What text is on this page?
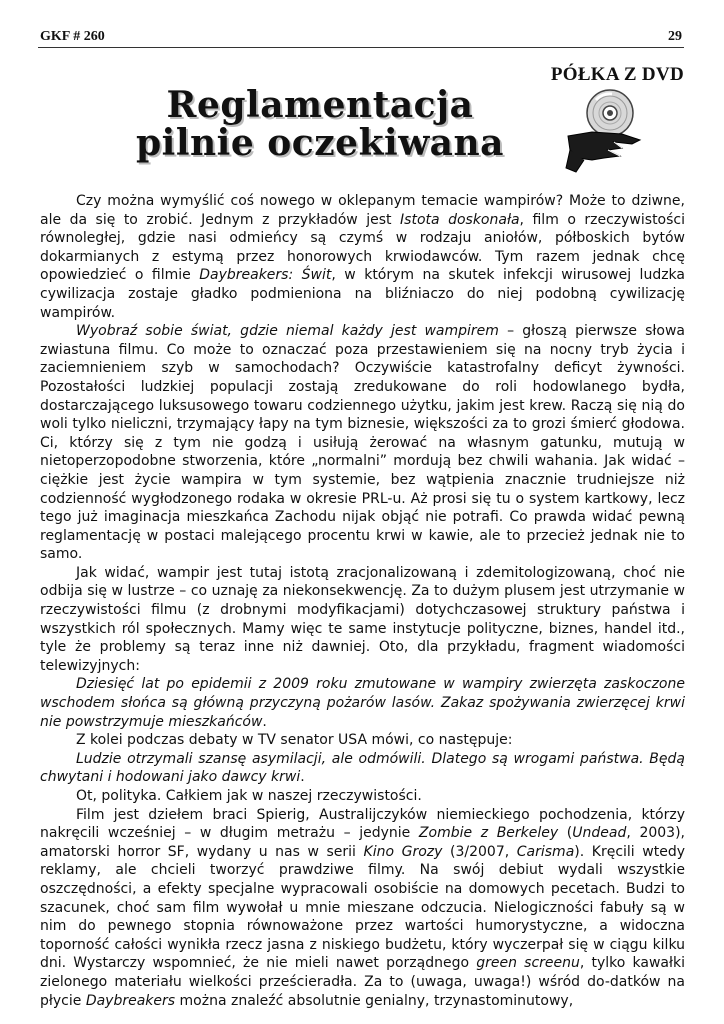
GKF # 260	29
PÓŁKA Z DVD
Reglamentacja
pilnie oczekiwana

Czy można wymyślić coś nowego w oklepanym temacie wampirów? Może to dziwne, ale da się to zrobić. Jednym z przykładów jest Istota doskonała, film o rzeczywistości równoległej, gdzie nasi odmieńcy są czymś w rodzaju aniołów, półboskich bytów dokarmianych z estymą przez honorowych krwiodawców. Tym razem jednak chcę opowiedzieć o filmie Daybreakers: Świt, w którym na skutek infekcji wirusowej ludzka cywilizacja zostaje gładko podmieniona na bliźniaczo do niej podobną cywilizację wampirów.

Wyobraź sobie świat, gdzie niemal każdy jest wampirem – głoszą pierwsze słowa zwiastuna filmu. Co może to oznaczać poza przestawieniem się na nocny tryb życia i zaciemnieniem szyb w samochodach? Oczywiście katastrofalny deficyt żywności. Pozostałości ludzkiej populacji zostają zredukowane do roli hodowlanego bydła, dostarczającego luksusowego towaru codziennego użytku, jakim jest krew. Raczą się nią do woli tylko nieliczni, trzymający łapy na tym biznesie, większości za to grozi śmierć głodowa. Ci, którzy się z tym nie godzą i usiłują żerować na własnym gatunku, mutują w nietoperzopodobne stworzenia, które „normalni” mordują bez chwili wahania. Jak widać – ciężkie jest życie wampira w tym systemie, bez wątpienia znacznie trudniejsze niż codzienność wygłodzonego rodaka w okresie PRL-u. Aż prosi się tu o system kartkowy, lecz tego już imaginacja mieszkańca Zachodu nijak objąć nie potrafi. Co prawda widać pewną reglamentację w postaci malejącego procentu krwi w kawie, ale to przecież jednak nie to samo.

Jak widać, wampir jest tutaj istotą zracjonalizowaną i zdemitologizowaną, choć nie odbija się w lustrze – co uznaję za niekonsekwencję. Za to dużym plusem jest utrzymanie w rzeczywistości filmu (z drobnymi modyfikacjami) dotychczasowej struktury państwa i wszystkich ról społecznych. Mamy więc te same instytucje polityczne, biznes, handel itd., tyle że problemy są teraz inne niż dawniej. Oto, dla przykładu, fragment wiadomości telewizyjnych:

Dziesięć lat po epidemii z 2009 roku zmutowane w wampiry zwierzęta zaskoczone wschodem słońca są główną przyczyną pożarów lasów. Zakaz spożywania zwierzęcej krwi nie powstrzymuje mieszkańców.

Z kolei podczas debaty w TV senator USA mówi, co następuje:

Ludzie otrzymali szansę asymilacji, ale odmówili. Dlatego są wrogami państwa. Będą chwytani i hodowani jako dawcy krwi.

Ot, polityka. Całkiem jak w naszej rzeczywistości.

Film jest dziełem braci Spierig, Australijczyków niemieckiego pochodzenia, którzy nakręcili wcześniej – w długim metrażu – jedynie Zombie z Berkeley (Undead, 2003), amatorski horror SF, wydany u nas w serii Kino Grozy (3/2007, Carisma). Kręcili wtedy reklamy, ale chcieli tworzyć prawdziwe filmy. Na swój debiut wydali wszystkie oszczędności, a efekty specjalne wypracowali osobiście na domowych pecetach. Budzi to szacunek, choć sam film wywołał u mnie mieszane odczucia. Nielogiczności fabuły są w nim do pewnego stopnia równoważone przez wartości humorystyczne, a widoczna toporność całości wynikła rzecz jasna z niskiego budżetu, który wyczerpał się w ciągu kilku dni. Wystarczy wspomnieć, że nie mieli nawet porządnego green screenu, tylko kawałki zielonego materiału wielkości prześcieradła. Za to (uwaga, uwaga!) wśród do-datków na płycie Daybreakers można znaleźć absolutnie genialny, trzynastominutowy,
